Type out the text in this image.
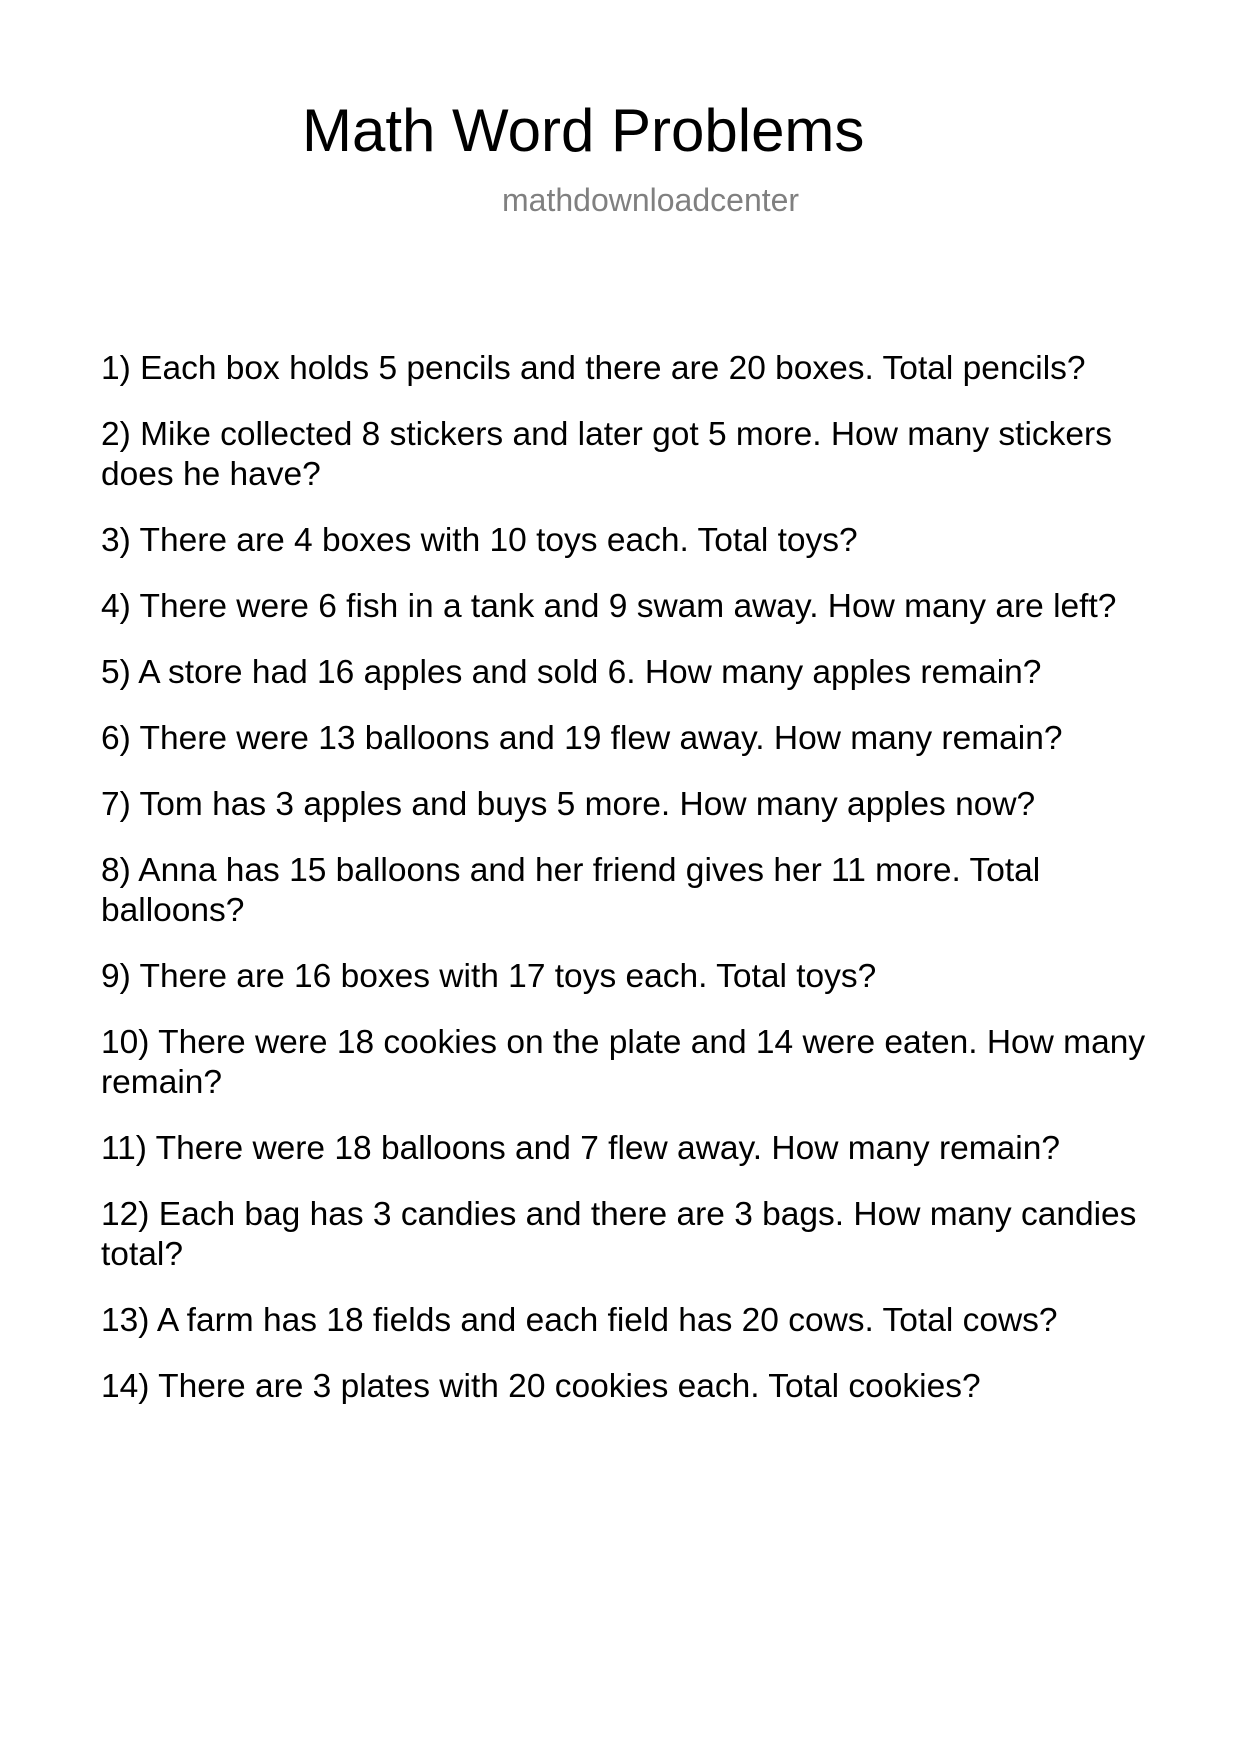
Math Word Problems
mathdownloadcenter
1) Each box holds 5 pencils and there are 20 boxes. Total pencils?
2) Mike collected 8 stickers and later got 5 more. How many stickers does he have?
3) There are 4 boxes with 10 toys each. Total toys?
4) There were 6 fish in a tank and 9 swam away. How many are left?
5) A store had 16 apples and sold 6. How many apples remain?
6) There were 13 balloons and 19 flew away. How many remain?
7) Tom has 3 apples and buys 5 more. How many apples now?
8) Anna has 15 balloons and her friend gives her 11 more. Total balloons?
9) There are 16 boxes with 17 toys each. Total toys?
10) There were 18 cookies on the plate and 14 were eaten. How many remain?
11) There were 18 balloons and 7 flew away. How many remain?
12) Each bag has 3 candies and there are 3 bags. How many candies total?
13) A farm has 18 fields and each field has 20 cows. Total cows?
14) There are 3 plates with 20 cookies each. Total cookies?
